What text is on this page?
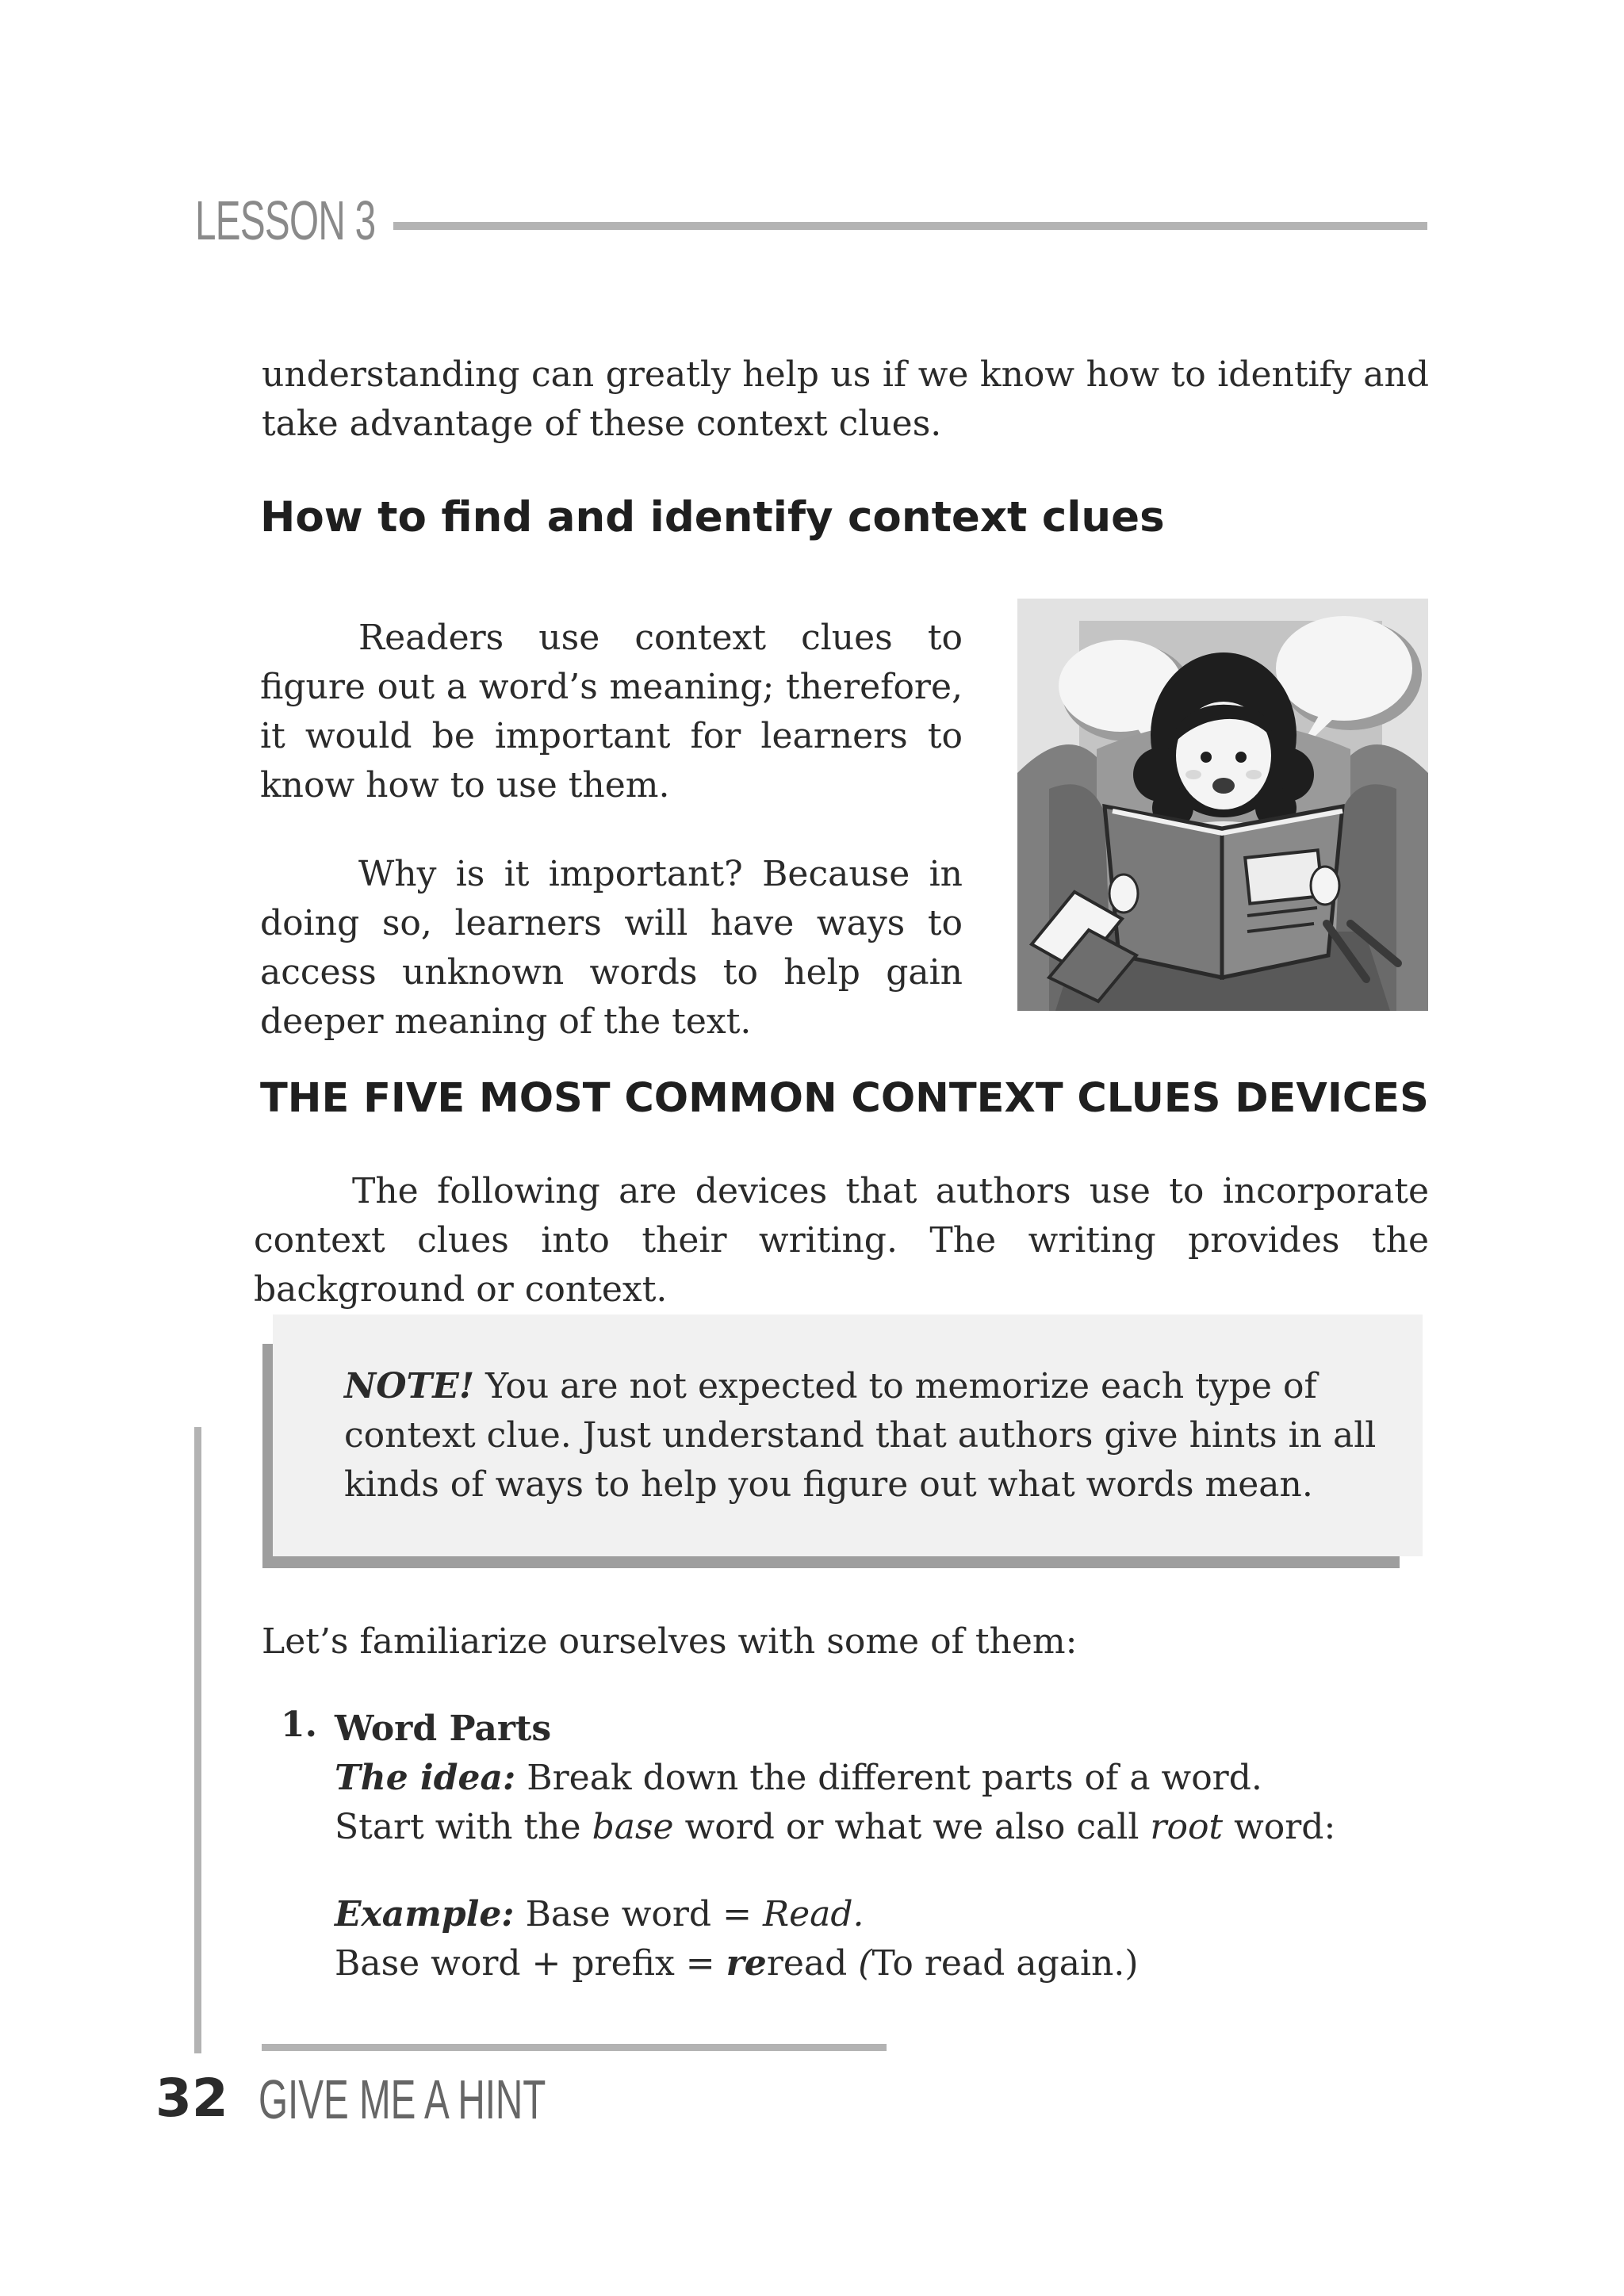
LESSON 3
understanding can greatly help us if we know how to identify and take advantage of these context clues.
How to find and identify context clues
Readers use context clues to figure out a word’s meaning; therefore, it would be important for learners to know how to use them.
Why is it important? Because in doing so, learners will have ways to access unknown words to help gain deeper meaning of the text.
THE FIVE MOST COMMON CONTEXT CLUES DEVICES
The following are devices that authors use to incorporate context clues into their writing. The writing provides the background or context.
NOTE! You are not expected to memorize each type of context clue. Just understand that authors give hints in all kinds of ways to help you figure out what words mean.
Let’s familiarize ourselves with some of them:
1. Word Parts
The idea: Break down the different parts of a word.
Start with the base word or what we also call root word:
Example: Base word = Read.
Base word + prefix = reread (To read again.)
32 GIVE ME A HINT
